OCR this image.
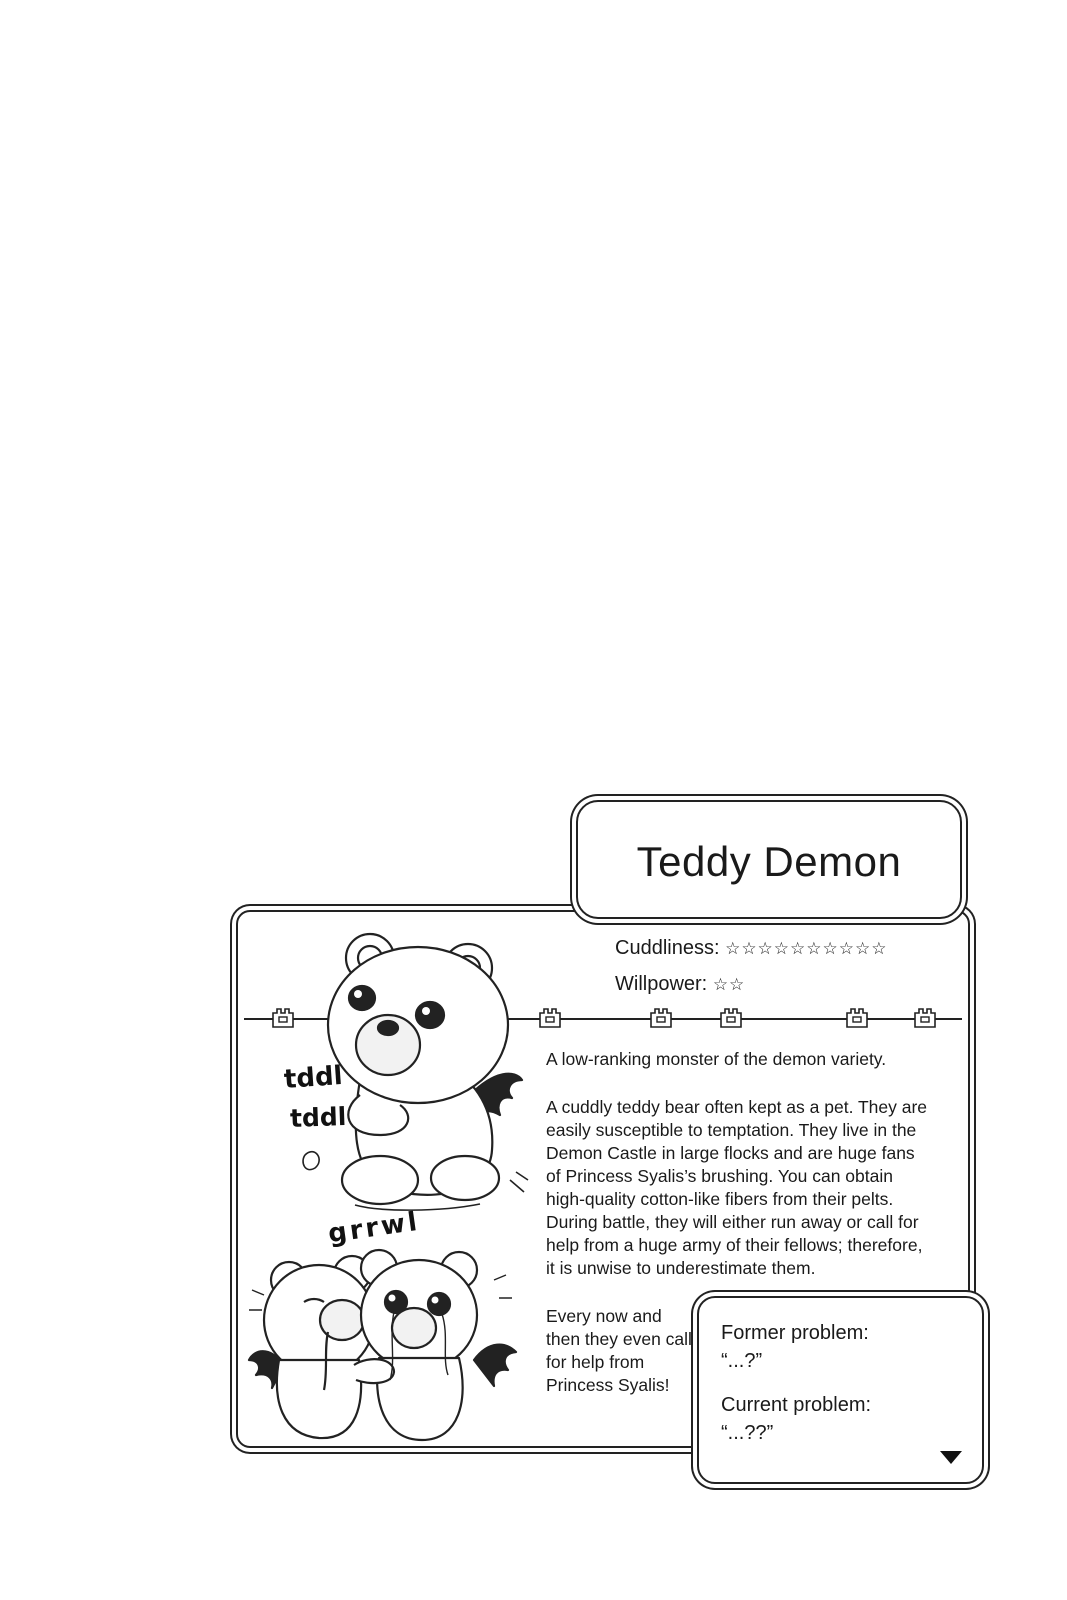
Teddy Demon
Cuddliness: ☆☆☆☆☆☆☆☆☆☆
Willpower: ☆☆
tddl
tddl
grrwl
A low-ranking monster of the demon variety.
A cuddly teddy bear often kept as a pet. They are easily susceptible to temptation. They live in the Demon Castle in large flocks and are huge fans of Princess Syalis’s brushing. You can obtain high-quality cotton-like fibers from their pelts. During battle, they will either run away or call for help from a huge army of their fellows; therefore, it is unwise to underestimate them.
Every now and then they even call for help from Princess Syalis!
Former problem:
“...?”
Current problem:
“...??”
